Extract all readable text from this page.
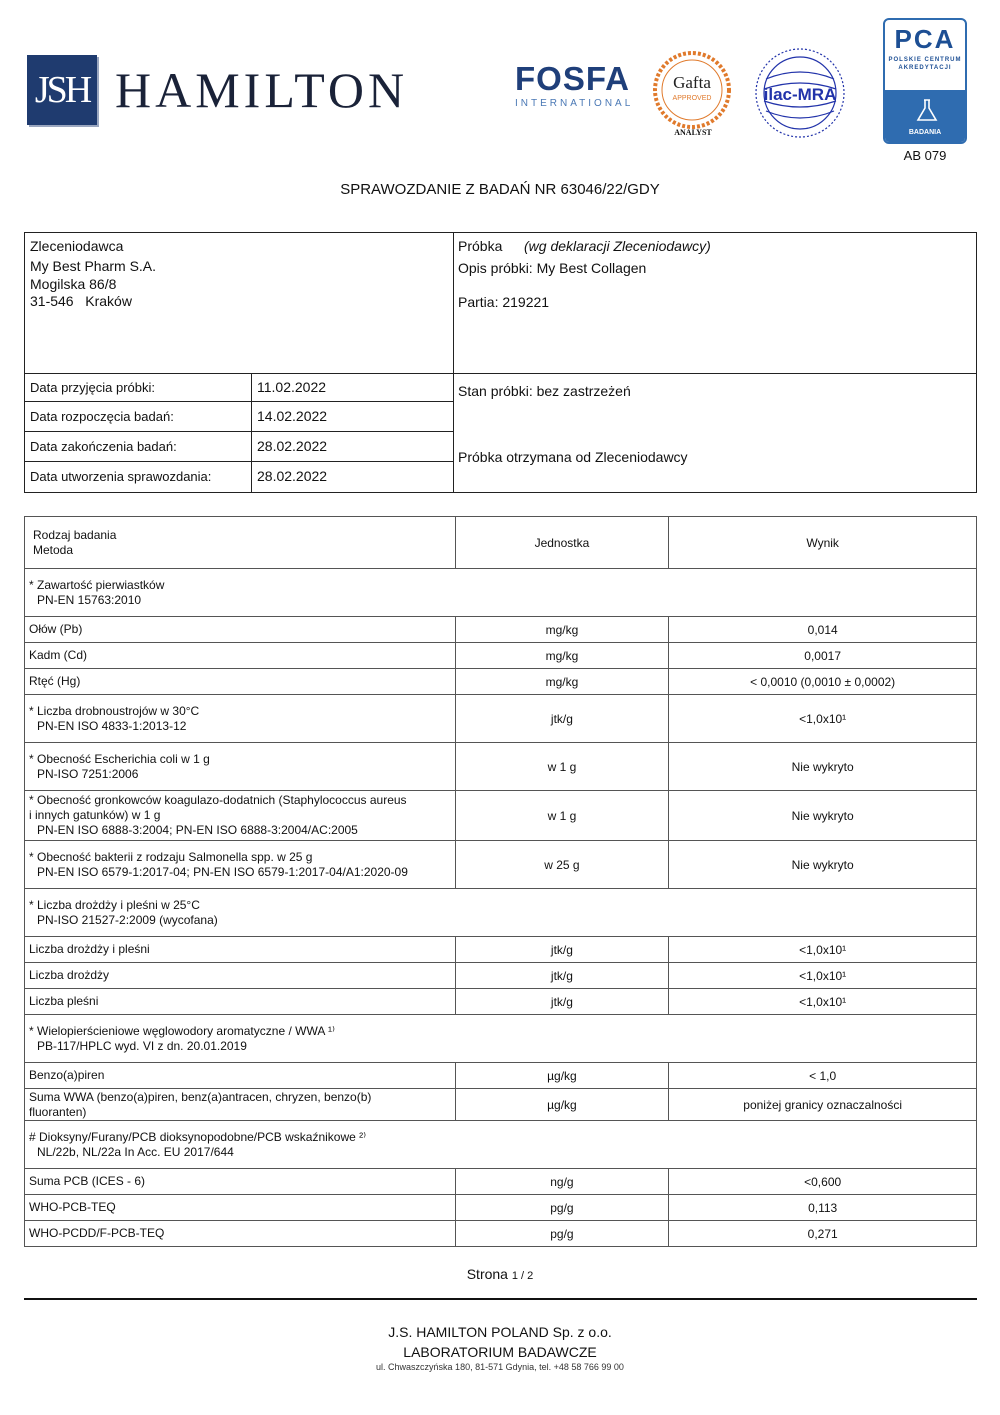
JSH HAMILTON	FOSFA
INTERNATIONAL
Gafta
APPROVED
ANALYST
ilac-MRA
PCA
POLSKIE CENTRUM
AKREDYTACJI
BADANIA
AB 079
SPRAWOZDANIE Z BADAŃ NR 63046/22/GDY
Zleceniodawca
My Best Pharm S.A.
Mogilska 86/8
31-546   Kraków
Próbka (wg deklaracji Zleceniodawcy)
Opis próbki: My Best Collagen
Partia: 219221
Stan próbki: bez zastrzeżeń
Próbka otrzymana od Zleceniodawcy
Data przyjęcia próbki:	11.02.2022
Data rozpoczęcia badań:	14.02.2022
Data zakończenia badań:	28.02.2022
Data utworzenia sprawozdania:	28.02.2022
Rodzaj badania
Metoda	Jednostka	Wynik

* Zawartość pierwiastków
PN-EN 15763:2010		

Ołów (Pb)	mg/kg	0,014
Kadm (Cd)	mg/kg	0,0017
Rtęć (Hg)	mg/kg	< 0,0010 (0,0010 ± 0,0002)

* Liczba drobnoustrojów w 30°C
PN-EN ISO 4833-1:2013-12	jtk/g	<1,0x10¹

* Obecność Escherichia coli w 1 g
PN-ISO 7251:2006	w 1 g	Nie wykryto

* Obecność gronkowców koagulazo-dodatnich (Staphylococcus aureus
i innych gatunków) w 1 g
PN-EN ISO 6888-3:2004; PN-EN ISO 6888-3:2004/AC:2005	w 1 g	Nie wykryto

* Obecność bakterii z rodzaju Salmonella spp. w 25 g
PN-EN ISO 6579-1:2017-04; PN-EN ISO 6579-1:2017-04/A1:2020-09	w 25 g	Nie wykryto

* Liczba drożdży i pleśni w 25°C
PN-ISO 21527-2:2009 (wycofana)		

Liczba drożdży i pleśni	jtk/g	<1,0x10¹
Liczba drożdży	jtk/g	<1,0x10¹
Liczba pleśni	jtk/g	<1,0x10¹

* Wielopierścieniowe węglowodory aromatyczne / WWA ¹⁾
PB-117/HPLC wyd. VI z dn. 20.01.2019		

Benzo(a)piren	µg/kg	< 1,0

Suma WWA (benzo(a)piren, benz(a)antracen, chryzen, benzo(b)
fluoranten)	µg/kg	poniżej granicy oznaczalności

# Dioksyny/Furany/PCB dioksynopodobne/PCB wskaźnikowe ²⁾
NL/22b, NL/22a In Acc. EU 2017/644		

Suma PCB (ICES - 6)	ng/g	<0,600
WHO-PCB-TEQ	pg/g	0,113
WHO-PCDD/F-PCB-TEQ	pg/g	0,271
Strona 1 / 2
J.S. HAMILTON POLAND Sp. z o.o.
LABORATORIUM BADAWCZE
ul. Chwaszczyńska 180, 81-571 Gdynia, tel. +48 58 766 99 00
